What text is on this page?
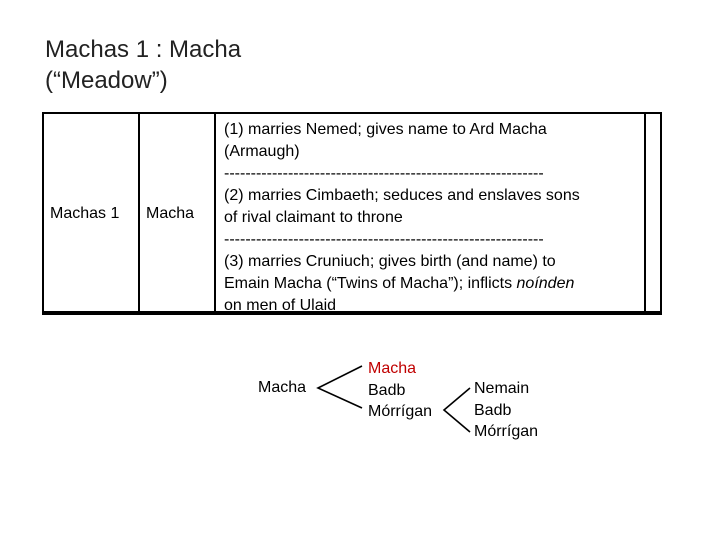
Machas 1 : Macha
(“Meadow”)
Machas 1 Macha
(1) marries Nemed; gives name to Ard Macha
(Armaugh)
------------------------------------------------------------
(2) marries Cimbaeth; seduces and enslaves sons
of rival claimant to throne
------------------------------------------------------------
(3) marries Cruniuch; gives birth (and name) to
Emain Macha (“Twins of Macha”); inflicts noínden
on men of Ulaid
Macha
Macha
Badb
Mórrígan
Nemain
Badb
Mórrígan
